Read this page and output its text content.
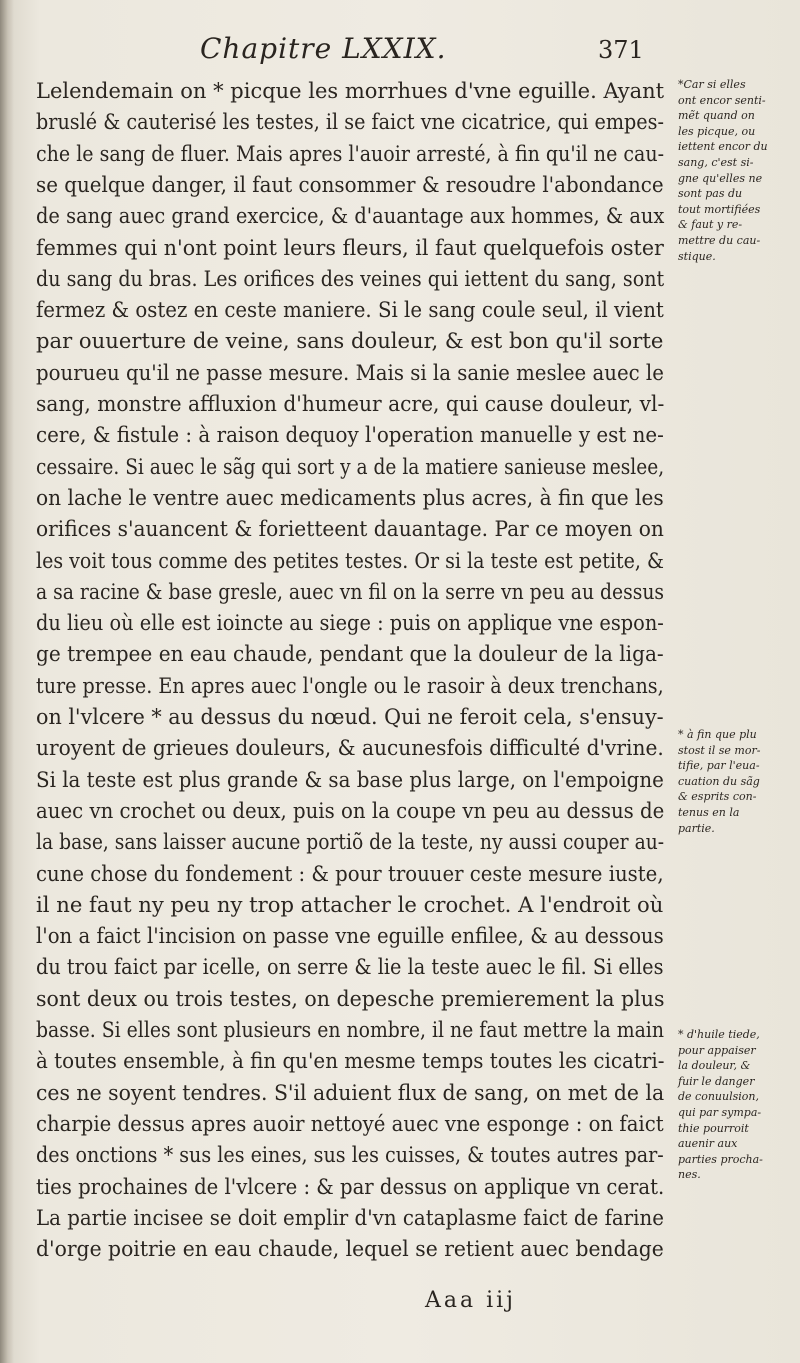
Chapitre LXXIX.	371
Lelendemain on * picque les morrhues d'vne eguille. Ayant
bruslé & cauterisé les testes, il se faict vne cicatrice, qui empes-
che le sang de fluer. Mais apres l'auoir arresté, à fin qu'il ne cau-
se quelque danger, il faut consommer & resoudre l'abondance
de sang auec grand exercice, & d'auantage aux hommes, & aux
femmes qui n'ont point leurs fleurs, il faut quelquefois oster
du sang du bras. Les orifices des veines qui iettent du sang, sont
fermez & ostez en ceste maniere. Si le sang coule seul, il vient
par ouuerture de veine, sans douleur, & est bon qu'il sorte
pourueu qu'il ne passe mesure. Mais si la sanie meslee auec le
sang, monstre affluxion d'humeur acre, qui cause douleur, vl-
cere, & fistule : à raison dequoy l'operation manuelle y est ne-
cessaire. Si auec le sãg qui sort y a de la matiere sanieuse meslee,
on lache le ventre auec medicaments plus acres, à fin que les
orifices s'auancent & forietteent dauantage. Par ce moyen on
les voit tous comme des petites testes. Or si la teste est petite, &
a sa racine & base gresle, auec vn fil on la serre vn peu au dessus
du lieu où elle est ioincte au siege : puis on applique vne espon-
ge trempee en eau chaude, pendant que la douleur de la liga-
ture presse. En apres auec l'ongle ou le rasoir à deux trenchans,
on l'vlcere * au dessus du nœud. Qui ne feroit cela, s'ensuy-
uroyent de grieues douleurs, & aucunesfois difficulté d'vrine.
Si la teste est plus grande & sa base plus large, on l'empoigne
auec vn crochet ou deux, puis on la coupe vn peu au dessus de
la base, sans laisser aucune portiõ de la teste, ny aussi couper au-
cune chose du fondement : & pour trouuer ceste mesure iuste,
il ne faut ny peu ny trop attacher le crochet. A l'endroit où
l'on a faict l'incision on passe vne eguille enfilee, & au dessous
du trou faict par icelle, on serre & lie la teste auec le fil. Si elles
sont deux ou trois testes, on depesche premierement la plus
basse. Si elles sont plusieurs en nombre, il ne faut mettre la main
à toutes ensemble, à fin qu'en mesme temps toutes les cicatri-
ces ne soyent tendres. S'il aduient flux de sang, on met de la
charpie dessus apres auoir nettoyé auec vne esponge : on faict
des onctions * sus les eines, sus les cuisses, & toutes autres par-
ties prochaines de l'vlcere : & par dessus on applique vn cerat.
La partie incisee se doit emplir d'vn cataplasme faict de farine
d'orge poitrie en eau chaude, lequel se retient auec bendage
*Car si elles
ont encor senti-
mẽt quand on
les picque, ou
iettent encor du
sang, c'est si-
gne qu'elles ne
sont pas du
tout mortifiées
& faut y re-
mettre du cau-
stique.
* à fin que plu
stost il se mor-
tifie, par l'eua-
cuation du sãg
& esprits con-
tenus en la
partie.
* d'huile tiede,
pour appaiser
la douleur, &
fuir le danger
de conuulsion,
qui par sympa-
thie pourroit
auenir aux
parties procha-
nes.
Aaa iij
